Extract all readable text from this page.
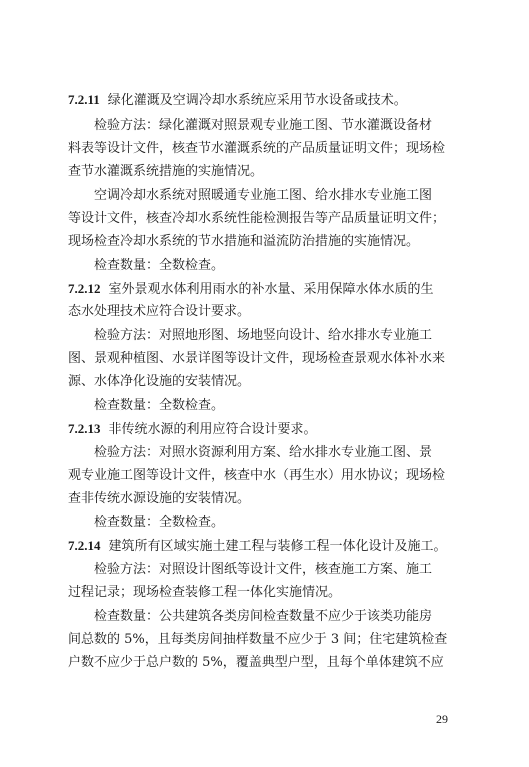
7.2.11 绿化灌溉及空调冷却水系统应采用节水设备或技术。
检验方法：绿化灌溉对照景观专业施工图、节水灌溉设备材
料表等设计文件，核查节水灌溉系统的产品质量证明文件；现场检
查节水灌溉系统措施的实施情况。
空调冷却水系统对照暖通专业施工图、给水排水专业施工图
等设计文件，核查冷却水系统性能检测报告等产品质量证明文件；
现场检查冷却水系统的节水措施和溢流防治措施的实施情况。
检查数量：全数检查。
7.2.12 室外景观水体利用雨水的补水量、采用保障水体水质的生
态水处理技术应符合设计要求。
检验方法：对照地形图、场地竖向设计、给水排水专业施工
图、景观种植图、水景详图等设计文件，现场检查景观水体补水来
源、水体净化设施的安装情况。
检查数量：全数检查。
7.2.13 非传统水源的利用应符合设计要求。
检验方法：对照水资源利用方案、给水排水专业施工图、景
观专业施工图等设计文件，核查中水（再生水）用水协议；现场检
查非传统水源设施的安装情况。
检查数量：全数检查。
7.2.14 建筑所有区域实施土建工程与装修工程一体化设计及施工。
检验方法：对照设计图纸等设计文件，核查施工方案、施工
过程记录；现场检查装修工程一体化实施情况。
检查数量：公共建筑各类房间检查数量不应少于该类功能房
间总数的 5%，且每类房间抽样数量不应少于 3 间；住宅建筑检查
户数不应少于总户数的 5%，覆盖典型户型，且每个单体建筑不应
29
